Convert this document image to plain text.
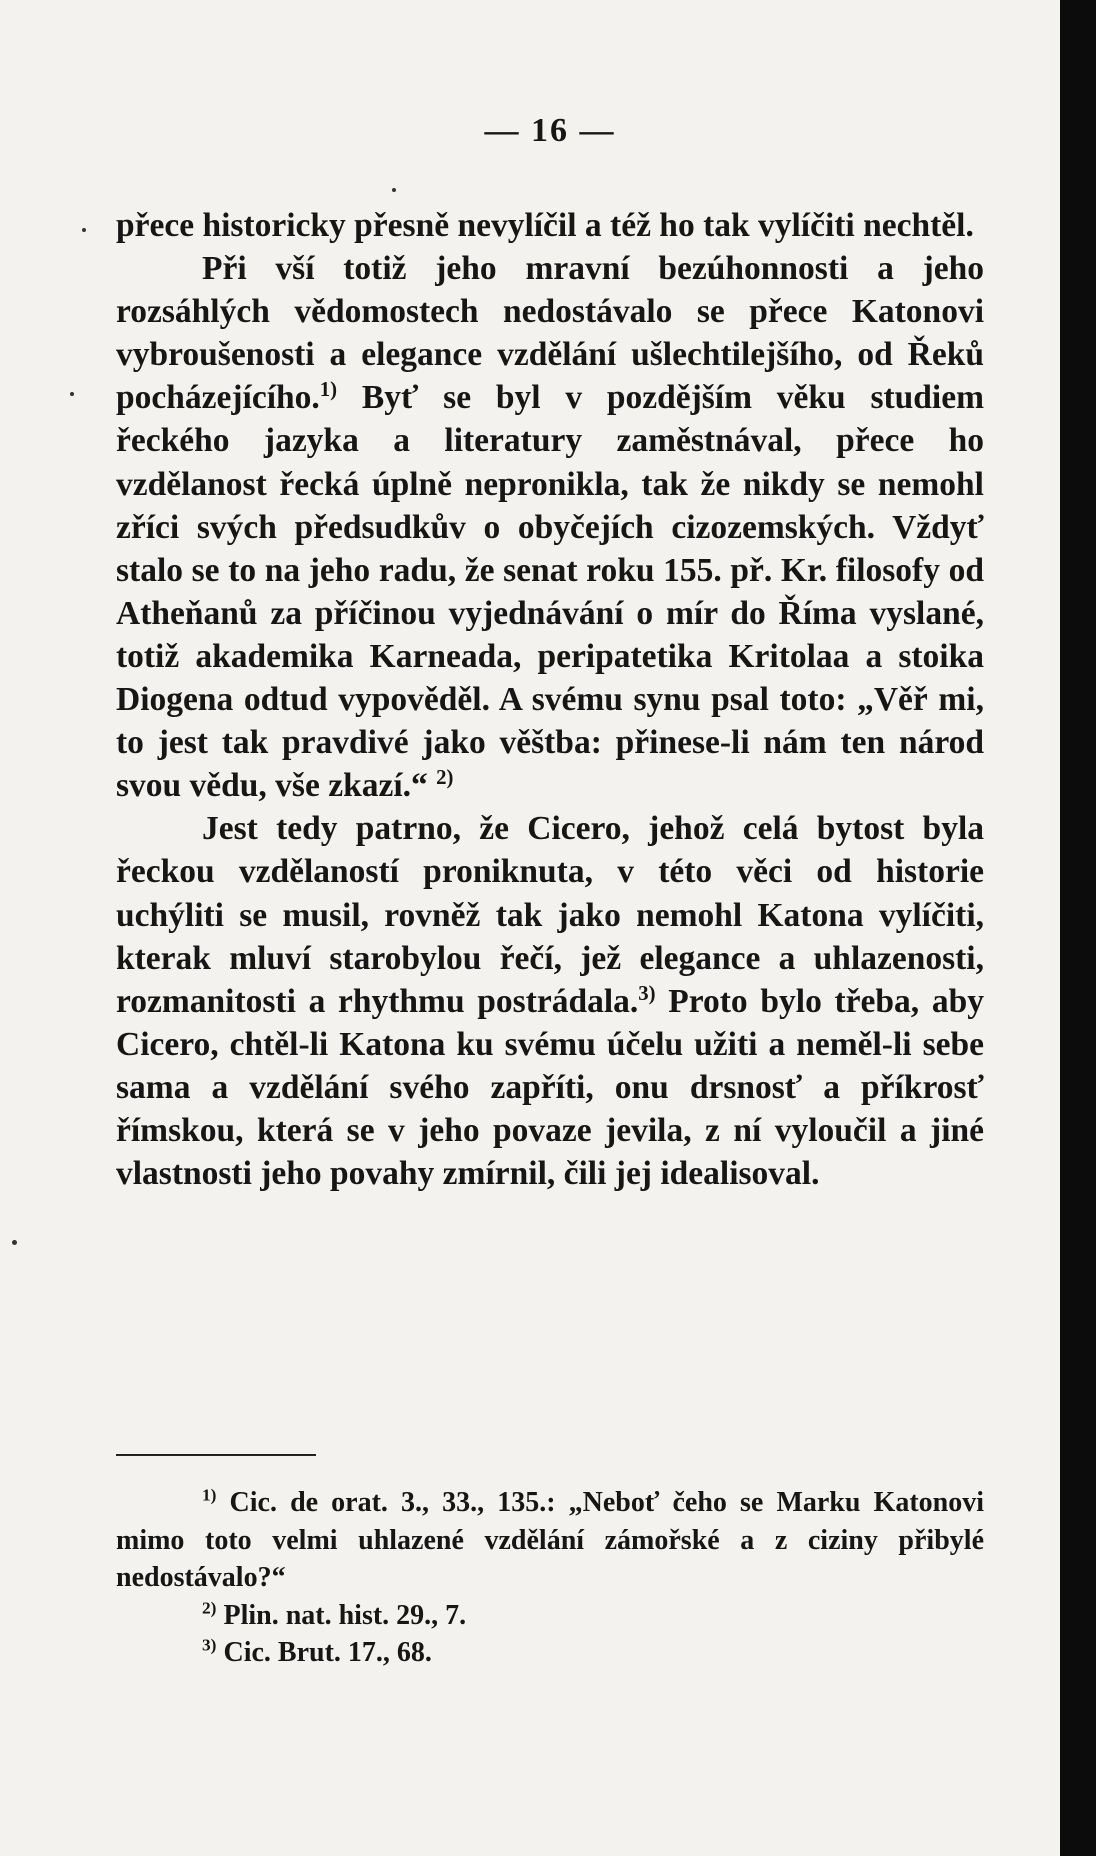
— 16 —

přece historicky přesně nevylíčil a též ho tak vylíčiti nechtěl.

Při vší totiž jeho mravní bezúhonnosti a jeho rozsáhlých vědomostech nedostávalo se přece Katonovi vybroušenosti a elegance vzdělání ušlechtilejšího, od Řeků pocházejícího.$^{1)}$ Byť se byl v pozdějším věku studiem řeckého jazyka a literatury zaměstnával, přece ho vzdělanost řecká úplně nepronikla, tak že nikdy se nemohl zříci svých předsudkův o obyčejích cizozemských. Vždyť stalo se to na jeho radu, že senat roku 155. př. Kr. filosofy od Atheňanů za příčinou vyjednávání o mír do Říma vyslané, totiž akademika Karneada, peripatetika Kritolaa a stoika Diogena odtud vypověděl. A svému synu psal toto: „Věř mi, to jest tak pravdivé jako věštba: přinese-li nám ten národ svou vědu, vše zkazí.“ $^{2)}$

Jest tedy patrno, že Cicero, jehož celá bytost byla řeckou vzdělaností proniknuta, v této věci od historie uchýliti se musil, rovněž tak jako nemohl Katona vylíčiti, kterak mluví starobylou řečí, jež elegance a uhlazenosti, rozmanitosti a rhythmu postrádala.$^{3)}$ Proto bylo třeba, aby Cicero, chtěl-li Katona ku svému účelu užiti a neměl-li sebe sama a vzdělání svého zapříti, onu drsnosť a příkrosť římskou, která se v jeho povaze jevila, z ní vyloučil a jiné vlastnosti jeho povahy zmírnil, čili jej idealisoval.

$^{1)}$ Cic. de orat. 3., 33., 135.: „Neboť čeho se Marku Katonovi mimo toto velmi uhlazené vzdělání zámořské a z ciziny přibylé nedostávalo?“

$^{2)}$ Plin. nat. hist. 29., 7.

$^{3)}$ Cic. Brut. 17., 68.
